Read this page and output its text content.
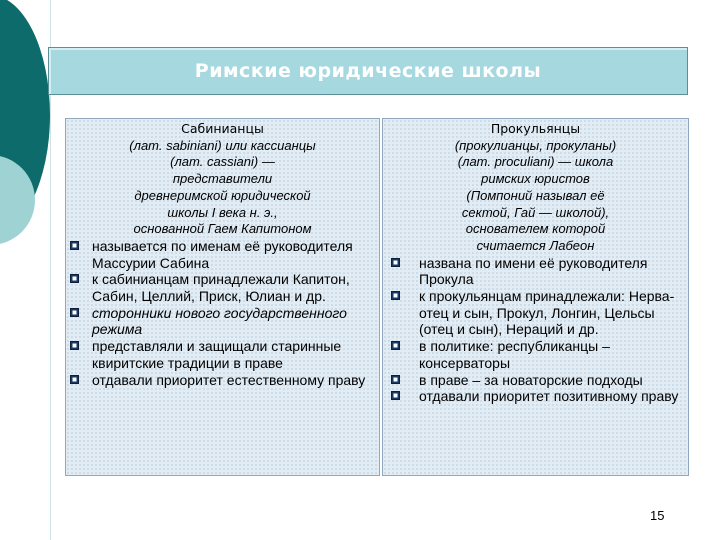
Римские юридические школы
Сабинианцы
(лат. sabiniani) или кассианцы
(лат. cassiani) —
представители
древнеримской юридической
школы I века н. э.,
основанной Гаем Капитоном
называется по именам её руководителя Массурии Сабина
к сабинианцам принадлежали Капитон, Сабин, Целлий, Приск, Юлиан и др.
сторонники нового государственного режима
представляли и защищали старинные квиритские традиции в праве
отдавали приоритет естественному праву
Прокульянцы
(прокулианцы, прокуланы)
(лат. proculiani) — школа
римских юристов
(Помпоний называл её
сектой, Гай — школой),
основателем которой
считается Лабеон
названа по имени её руководителя Прокула
к прокульянцам принадлежали: Нерва-отец и сын, Прокул, Лонгин, Цельсы (отец и сын), Нераций и др.
в политике: республиканцы – консерваторы
в праве – за новаторские подходы
отдавали приоритет позитивному праву
15
